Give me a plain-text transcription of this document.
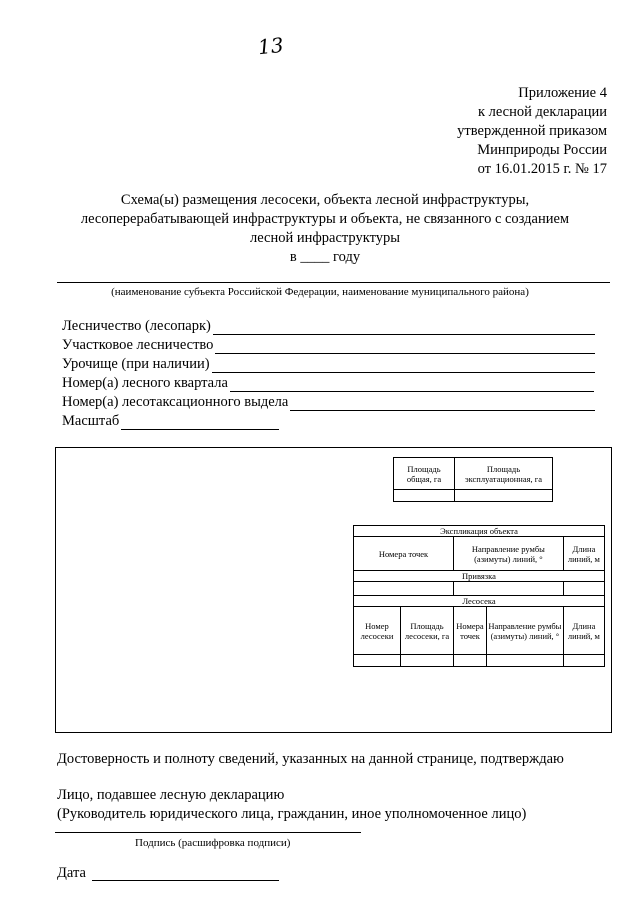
13
Приложение 4
к лесной декларации
утвержденной приказом
Минприроды России
от 16.01.2015 г. № 17
Схема(ы) размещения лесосеки, объекта лесной инфраструктуры,
лесоперерабатывающей инфраструктуры и объекта, не связанного с созданием
лесной инфраструктуры
в ____ году
(наименование субъекта Российской Федерации, наименование муниципального района)
Лесничество (лесопарк)
Участковое лесничество
Урочище (при наличии)
Номер(а) лесного квартала
Номер(а) лесотаксационного выдела
Масштаб
Площадь общая, га	Площадь эксплуатационная, га

Экспликация объекта				
Номера точек		Направление румбы (азимуты) линий, °		Длина линий, м
Привязка				

Лесосека				
Номер лесосеки	Площадь лесосеки, га	Номера точек	Направление румбы (азимуты) линий, °	Длина линий, м

Достоверность и полноту сведений, указанных на данной странице, подтверждаю
Лицо, подавшее лесную декларацию
(Руководитель юридического лица, гражданин, иное уполномоченное лицо)
Подпись (расшифровка подписи)
Дата
